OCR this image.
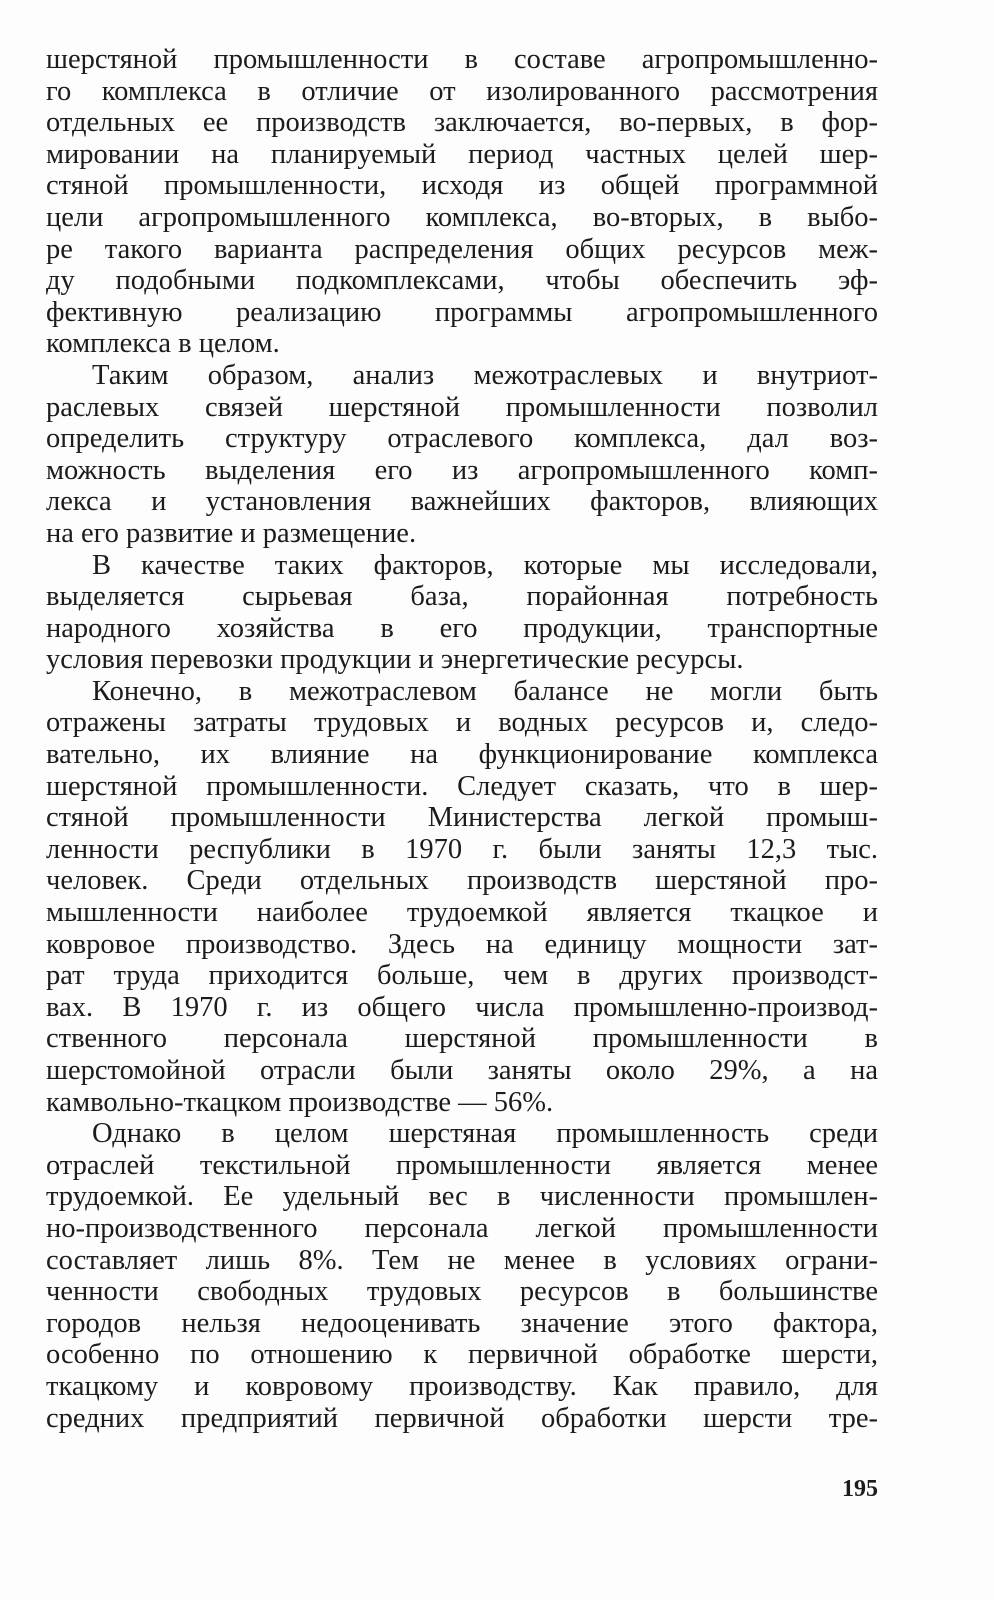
шерстяной промышленности в составе агропромышленно-
го комплекса в отличие от изолированного рассмотрения
отдельных ее производств заключается, во-первых, в фор-
мировании на планируемый период частных целей шер-
стяной промышленности, исходя из общей программной
цели агропромышленного комплекса, во-вторых, в выбо-
ре такого варианта распределения общих ресурсов меж-
ду подобными подкомплексами, чтобы обеспечить эф-
фективную реализацию программы агропромышленного
комплекса в целом.
Таким образом, анализ межотраслевых и внутриот-
раслевых связей шерстяной промышленности позволил
определить структуру отраслевого комплекса, дал воз-
можность выделения его из агропромышленного комп-
лекса и установления важнейших факторов, влияющих
на его развитие и размещение.
В качестве таких факторов, которые мы исследовали,
выделяется сырьевая база, порайонная потребность
народного хозяйства в его продукции, транспортные
условия перевозки продукции и энергетические ресурсы.
Конечно, в межотраслевом балансе не могли быть
отражены затраты трудовых и водных ресурсов и, следо-
вательно, их влияние на функционирование комплекса
шерстяной промышленности. Следует сказать, что в шер-
стяной промышленности Министерства легкой промыш-
ленности республики в 1970 г. были заняты 12,3 тыс.
человек. Среди отдельных производств шерстяной про-
мышленности наиболее трудоемкой является ткацкое и
ковровое производство. Здесь на единицу мощности зат-
рат труда приходится больше, чем в других производст-
вах. В 1970 г. из общего числа промышленно-производ-
ственного персонала шерстяной промышленности в
шерстомойной отрасли были заняты около 29%, а на
камвольно-ткацком производстве — 56%.
Однако в целом шерстяная промышленность среди
отраслей текстильной промышленности является менее
трудоемкой. Ее удельный вес в численности промышлен-
но-производственного персонала легкой промышленности
составляет лишь 8%. Тем не менее в условиях ограни-
ченности свободных трудовых ресурсов в большинстве
городов нельзя недооценивать значение этого фактора,
особенно по отношению к первичной обработке шерсти,
ткацкому и ковровому производству. Как правило, для
средних предприятий первичной обработки шерсти тре-
195
